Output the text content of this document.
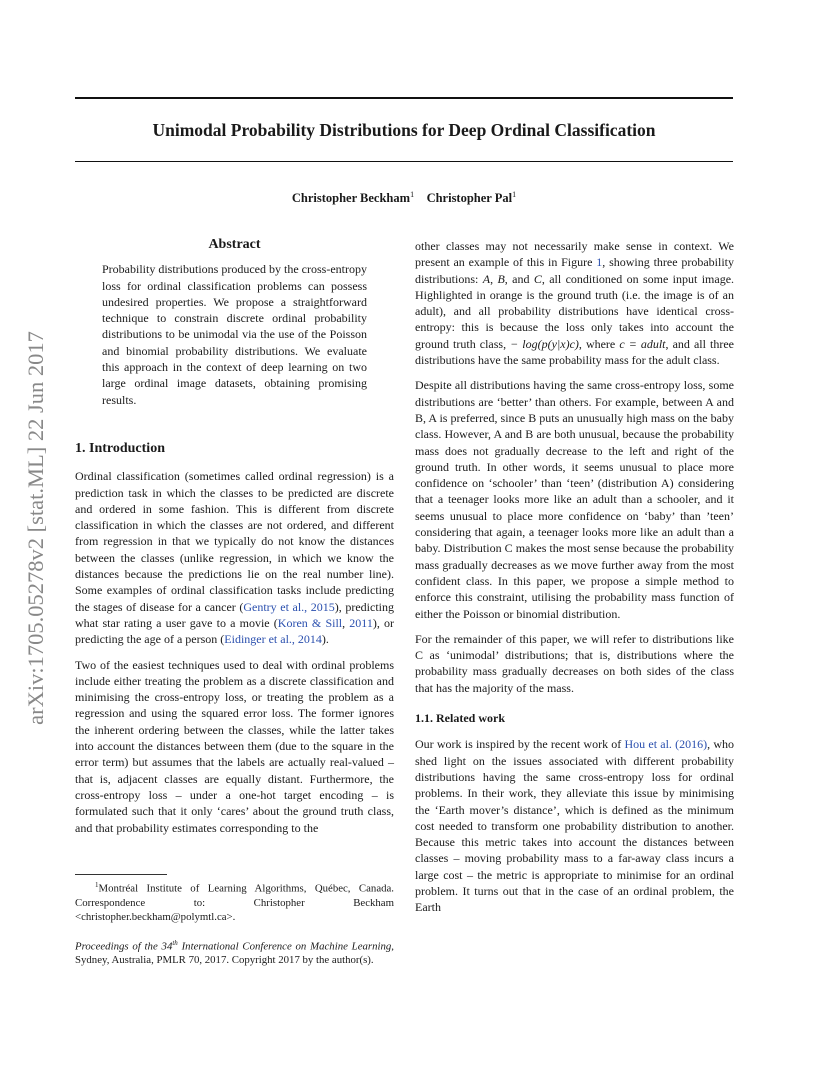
Unimodal Probability Distributions for Deep Ordinal Classification
Christopher Beckham$^1$ Christopher Pal$^1$
arXiv:1705.05278v2 [stat.ML] 22 Jun 2017
Abstract

Probability distributions produced by the cross-entropy loss for ordinal classification problems can possess undesired properties. We propose a straightforward technique to constrain discrete ordinal probability distributions to be unimodal via the use of the Poisson and binomial probability distributions. We evaluate this approach in the context of deep learning on two large ordinal image datasets, obtaining promising results.

1. Introduction

Ordinal classification (sometimes called ordinal regression) is a prediction task in which the classes to be predicted are discrete and ordered in some fashion. This is different from discrete classification in which the classes are not ordered, and different from regression in that we typically do not know the distances between the classes (unlike regression, in which we know the distances because the predictions lie on the real number line). Some examples of ordinal classification tasks include predicting the stages of disease for a cancer (Gentry et al., 2015), predicting what star rating a user gave to a movie (Koren & Sill, 2011), or predicting the age of a person (Eidinger et al., 2014).

Two of the easiest techniques used to deal with ordinal problems include either treating the problem as a discrete classification and minimising the cross-entropy loss, or treating the problem as a regression and using the squared error loss. The former ignores the inherent ordering between the classes, while the latter takes into account the distances between them (due to the square in the error term) but assumes that the labels are actually real-valued – that is, adjacent classes are equally distant. Furthermore, the cross-entropy loss – under a one-hot target encoding – is formulated such that it only ‘cares’ about the ground truth class, and that probability estimates corresponding to the

$^1$Montréal Institute of Learning Algorithms, Québec, Canada. Correspondence to: Christopher Beckham <christopher.beckham@polymtl.ca>.

Proceedings of the 34th International Conference on Machine Learning, Sydney, Australia, PMLR 70, 2017. Copyright 2017 by the author(s).

other classes may not necessarily make sense in context. We present an example of this in Figure 1, showing three probability distributions: A, B, and C, all conditioned on some input image. Highlighted in orange is the ground truth (i.e. the image is of an adult), and all probability distributions have identical cross-entropy: this is because the loss only takes into account the ground truth class, − log(p(y|x)c), where c = adult, and all three distributions have the same probability mass for the adult class.

Despite all distributions having the same cross-entropy loss, some distributions are ‘better’ than others. For example, between A and B, A is preferred, since B puts an unusually high mass on the baby class. However, A and B are both unusual, because the probability mass does not gradually decrease to the left and right of the ground truth. In other words, it seems unusual to place more confidence on ‘schooler’ than ‘teen’ (distribution A) considering that a teenager looks more like an adult than a schooler, and it seems unusual to place more confidence on ‘baby’ than ’teen’ considering that again, a teenager looks more like an adult than a baby. Distribution C makes the most sense because the probability mass gradually decreases as we move further away from the most confident class. In this paper, we propose a simple method to enforce this constraint, utilising the probability mass function of either the Poisson or binomial distribution.

For the remainder of this paper, we will refer to distributions like C as ‘unimodal’ distributions; that is, distributions where the probability mass gradually decreases on both sides of the class that has the majority of the mass.

1.1. Related work

Our work is inspired by the recent work of Hou et al. (2016), who shed light on the issues associated with different probability distributions having the same cross-entropy loss for ordinal problems. In their work, they alleviate this issue by minimising the ‘Earth mover’s distance’, which is defined as the minimum cost needed to transform one probability distribution to another. Because this metric takes into account the distances between classes – moving probability mass to a far-away class incurs a large cost – the metric is appropriate to minimise for an ordinal problem. It turns out that in the case of an ordinal problem, the Earth
